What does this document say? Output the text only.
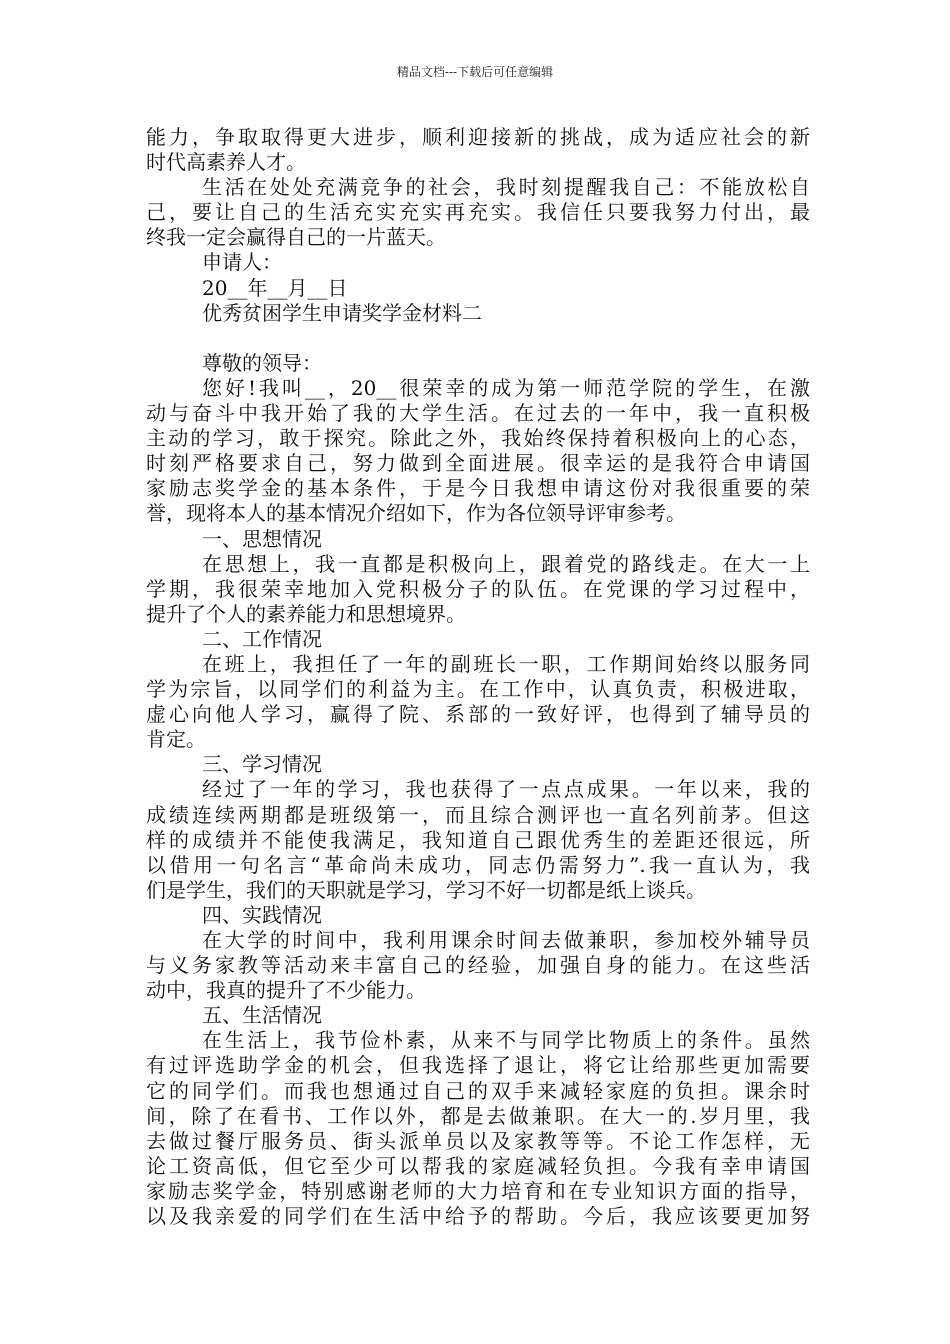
精品文档---下载后可任意编辑
能力，争取取得更大进步，顺利迎接新的挑战，成为适应社会的新
时代高素养人才。
生活在处处充满竞争的社会，我时刻提醒我自己：不能放松自
己，要让自己的生活充实充实再充实。我信任只要我努力付出，最
终我一定会赢得自己的一片蓝天。
申请人：
20__年__月__日
优秀贫困学生申请奖学金材料二
尊敬的领导：
您好!我叫__，20__很荣幸的成为第一师范学院的学生，在激
动与奋斗中我开始了我的大学生活。在过去的一年中，我一直积极
主动的学习，敢于探究。除此之外，我始终保持着积极向上的心态，
时刻严格要求自己，努力做到全面进展。很幸运的是我符合申请国
家励志奖学金的基本条件，于是今日我想申请这份对我很重要的荣
誉，现将本人的基本情况介绍如下，作为各位领导评审参考。
一、思想情况
在思想上，我一直都是积极向上，跟着党的路线走。在大一上
学期，我很荣幸地加入党积极分子的队伍。在党课的学习过程中，
提升了个人的素养能力和思想境界。
二、工作情况
在班上，我担任了一年的副班长一职，工作期间始终以服务同
学为宗旨，以同学们的利益为主。在工作中，认真负责，积极进取，
虚心向他人学习，赢得了院、系部的一致好评，也得到了辅导员的
肯定。
三、学习情况
经过了一年的学习，我也获得了一点点成果。一年以来，我的
成绩连续两期都是班级第一，而且综合测评也一直名列前茅。但这
样的成绩并不能使我满足，我知道自己跟优秀生的差距还很远，所
以借用一句名言“革命尚未成功，同志仍需努力”.我一直认为，我
们是学生，我们的天职就是学习，学习不好一切都是纸上谈兵。
四、实践情况
在大学的时间中，我利用课余时间去做兼职，参加校外辅导员
与义务家教等活动来丰富自己的经验，加强自身的能力。在这些活
动中，我真的提升了不少能力。
五、生活情况
在生活上，我节俭朴素，从来不与同学比物质上的条件。虽然
有过评选助学金的机会，但我选择了退让，将它让给那些更加需要
它的同学们。而我也想通过自己的双手来减轻家庭的负担。课余时
间，除了在看书、工作以外，都是去做兼职。在大一的.岁月里，我
去做过餐厅服务员、街头派单员以及家教等等。不论工作怎样，无
论工资高低，但它至少可以帮我的家庭减轻负担。今我有幸申请国
家励志奖学金，特别感谢老师的大力培育和在专业知识方面的指导，
以及我亲爱的同学们在生活中给予的帮助。今后，我应该要更加努
